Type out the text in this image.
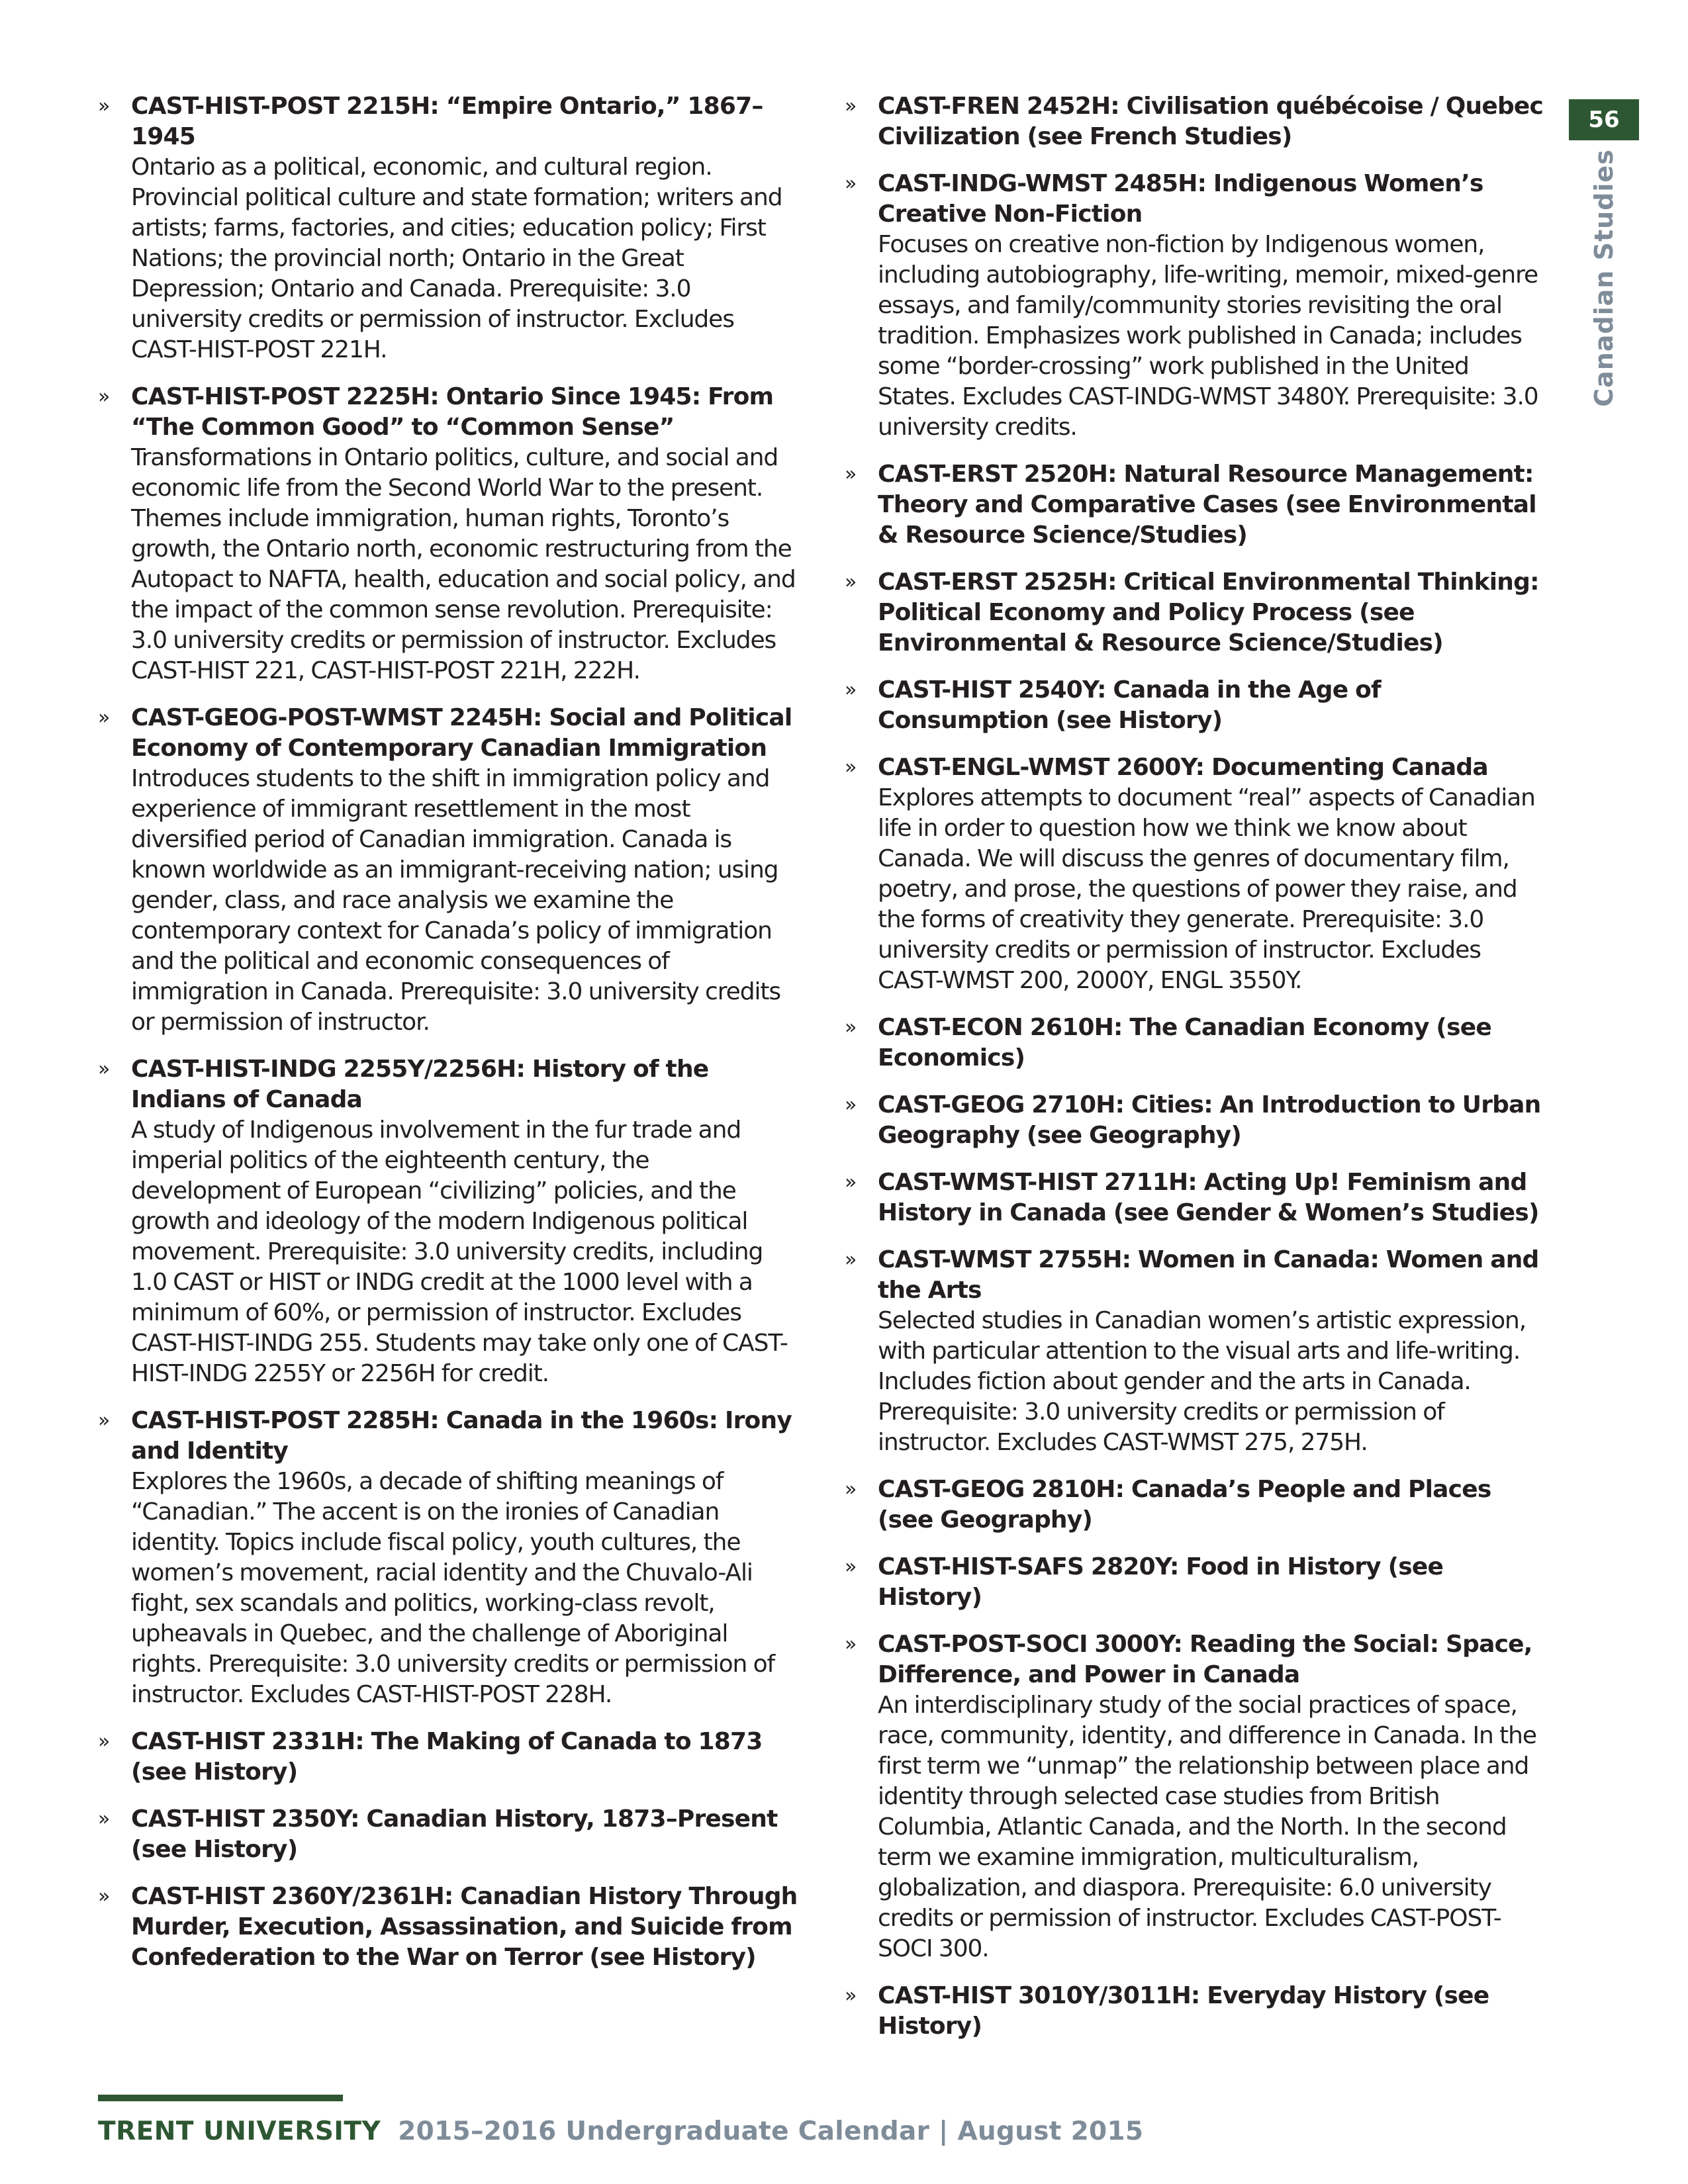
56
Canadian Studies
» CAST-HIST-POST 2215H: “Empire Ontario,” 1867–1945
Ontario as a political, economic, and cultural region. Provincial political culture and state formation; writers and artists; farms, factories, and cities; education policy; First Nations; the provincial north; Ontario in the Great Depression; Ontario and Canada. Prerequisite: 3.0 university credits or permission of instructor. Excludes CAST-HIST-POST 221H.
» CAST-HIST-POST 2225H: Ontario Since 1945: From “The Common Good” to “Common Sense”
Transformations in Ontario politics, culture, and social and economic life from the Second World War to the present. Themes include immigration, human rights, Toronto’s growth, the Ontario north, economic restructuring from the Autopact to NAFTA, health, education and social policy, and the impact of the common sense revolution. Prerequisite: 3.0 university credits or permission of instructor. Excludes CAST-HIST 221, CAST-HIST-POST 221H, 222H.
» CAST-GEOG-POST-WMST 2245H: Social and Political Economy of Contemporary Canadian Immigration
Introduces students to the shift in immigration policy and experience of immigrant resettlement in the most diversified period of Canadian immigration. Canada is known worldwide as an immigrant-receiving nation; using gender, class, and race analysis we examine the contemporary context for Canada’s policy of immigration and the political and economic consequences of immigration in Canada. Prerequisite: 3.0 university credits or permission of instructor.
» CAST-HIST-INDG 2255Y/2256H: History of the Indians of Canada
A study of Indigenous involvement in the fur trade and imperial politics of the eighteenth century, the development of European “civilizing” policies, and the growth and ideology of the modern Indigenous political movement. Prerequisite: 3.0 university credits, including 1.0 CAST or HIST or INDG credit at the 1000 level with a minimum of 60%, or permission of instructor. Excludes CAST-HIST-INDG 255. Students may take only one of CAST-HIST-INDG 2255Y or 2256H for credit.
» CAST-HIST-POST 2285H: Canada in the 1960s: Irony and Identity
Explores the 1960s, a decade of shifting meanings of “Canadian.” The accent is on the ironies of Canadian identity. Topics include fiscal policy, youth cultures, the women’s movement, racial identity and the Chuvalo-Ali fight, sex scandals and politics, working-class revolt, upheavals in Quebec, and the challenge of Aboriginal rights. Prerequisite: 3.0 university credits or permission of instructor. Excludes CAST-HIST-POST 228H.
» CAST-HIST 2331H: The Making of Canada to 1873 (see History)
» CAST-HIST 2350Y: Canadian History, 1873–Present (see History)
» CAST-HIST 2360Y/2361H: Canadian History Through Murder, Execution, Assassination, and Suicide from Confederation to the War on Terror (see History)
» CAST-FREN 2452H: Civilisation québécoise / Quebec Civilization (see French Studies)
» CAST-INDG-WMST 2485H: Indigenous Women’s Creative Non-Fiction
Focuses on creative non-fiction by Indigenous women, including autobiography, life-writing, memoir, mixed-genre essays, and family/community stories revisiting the oral tradition. Emphasizes work published in Canada; includes some “border-crossing” work published in the United States. Excludes CAST-INDG-WMST 3480Y. Prerequisite: 3.0 university credits.
» CAST-ERST 2520H: Natural Resource Management: Theory and Comparative Cases (see Environmental & Resource Science/Studies)
» CAST-ERST 2525H: Critical Environmental Thinking: Political Economy and Policy Process (see Environmental & Resource Science/Studies)
» CAST-HIST 2540Y: Canada in the Age of Consumption (see History)
» CAST-ENGL-WMST 2600Y: Documenting Canada
Explores attempts to document “real” aspects of Canadian life in order to question how we think we know about Canada. We will discuss the genres of documentary film, poetry, and prose, the questions of power they raise, and the forms of creativity they generate. Prerequisite: 3.0 university credits or permission of instructor. Excludes CAST-WMST 200, 2000Y, ENGL 3550Y.
» CAST-ECON 2610H: The Canadian Economy (see Economics)
» CAST-GEOG 2710H: Cities: An Introduction to Urban Geography (see Geography)
» CAST-WMST-HIST 2711H: Acting Up! Feminism and History in Canada (see Gender & Women’s Studies)
» CAST-WMST 2755H: Women in Canada: Women and the Arts
Selected studies in Canadian women’s artistic expression, with particular attention to the visual arts and life-writing. Includes fiction about gender and the arts in Canada. Prerequisite: 3.0 university credits or permission of instructor. Excludes CAST-WMST 275, 275H.
» CAST-GEOG 2810H: Canada’s People and Places (see Geography)
» CAST-HIST-SAFS 2820Y: Food in History (see History)
» CAST-POST-SOCI 3000Y: Reading the Social: Space, Difference, and Power in Canada
An interdisciplinary study of the social practices of space, race, community, identity, and difference in Canada. In the first term we “unmap” the relationship between place and identity through selected case studies from British Columbia, Atlantic Canada, and the North. In the second term we examine immigration, multiculturalism, globalization, and diaspora. Prerequisite: 6.0 university credits or permission of instructor. Excludes CAST-POST-SOCI 300.
» CAST-HIST 3010Y/3011H: Everyday History (see History)
TRENT UNIVERSITY 2015–2016 Undergraduate Calendar | August 2015
